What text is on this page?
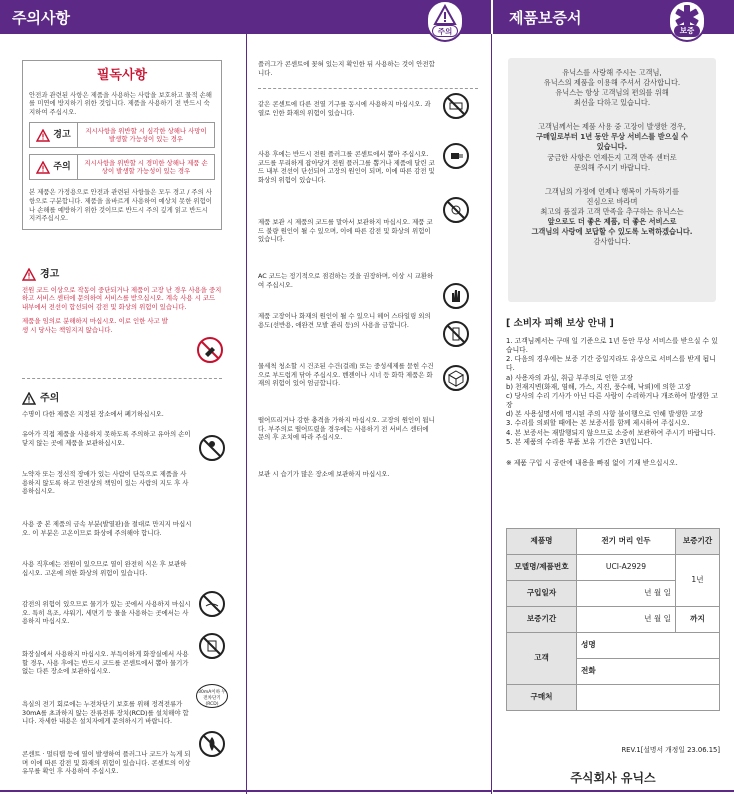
주의사항	제품보증서
주의	보증
필독사항
안전과 관련된 사항은 제품을 사용하는 사람을 보호하고 물적 손해를 미연에 방지하기 위한 것입니다. 제품을 사용하기 전 반드시 숙지하여 주십시오.
경고	지시사항을 위반할 시 심각한 상해나 사망이 발생할 가능성이 있는 경우
주의	지시사항을 위반할 시 경미한 상해나 제품 손상이 발생할 가능성이 있는 경우
본 제품은 가정용으로 안전과 관련된 사항들은 모두 경고 / 주의 사항으로 구분합니다. 제품을 올바르게 사용하여 예상치 못한 위험이나 손해를 예방하기 위한 것이므로 반드시 주의 깊게 읽고 반드시 지켜주십시오.
경고
전원 코드 이상으로 작동이 중단되거나 제품이 고장 난 경우 사용을 중지하고 서비스 센터에 문의하여 서비스를 받으십시오. 계속 사용 시 코드 내부에서 전선이 합선되어 감전 및 화상의 위험이 있습니다.
제품을 임의로 분해하지 마십시오. 이로 인한 사고 발생 시 당사는 책임지지 않습니다.
주의
수명이 다한 제품은 지정된 장소에서 폐기하십시오.
유아가 직접 제품을 사용하지 못하도록 주의하고 유아의 손이 닿지 않는 곳에 제품을 보관하십시오.
노약자 또는 정신적 장애가 있는 사람이 단독으로 제품을 사용하지 않도록 하고 안전상의 책임이 있는 사람의 지도 후 사용하십시오.
사용 중 본 제품의 금속 부분(발열판)을 절대로 만지지 마십시오. 이 부분은 고온이므로 화상에 주의해야 합니다.
사용 직후에는 전원이 있으므로 열이 완전히 식은 후 보관하십시오. 고온에 의한 화상의 위험이 있습니다.
감전의 위험이 있으므로 물기가 있는 곳에서 사용하지 마십시오. 특히 욕조, 샤워기, 세면기 등 물을 사용하는 곳에서는 사용하지 마십시오.
화장실에서 사용하지 마십시오. 부득이하게 화장실에서 사용할 경우, 사용 후에는 반드시 코드를 콘센트에서 뽑아 물기가 없는 다른 장소에 보관하십시오.
욕실의 전기 회로에는 누전차단기 보호를 위해 정격전류가 30mA를 초과하지 않는 잔류전류 장치(RCD)를 설치해야 합니다. 자세한 내용은 설치자에게 문의하시기 바랍니다.
콘센트 · 멀티탭 등에 열이 발생하여 플러그나 코드가 녹게 되며 이에 따른 감전 및 화재의 위험이 있습니다. 콘센트의 이상 유무를 확인 후 사용하여 주십시오.
30mA이하 누전차단기(RCD)
플러그가 콘센트에 꽂혀 있는지 확인한 뒤 사용하는 것이 안전합니다.
같은 콘센트에 다른 전열 기구를 동시에 사용하지 마십시오. 과열로 인한 화재의 위험이 있습니다.
사용 후에는 반드시 전원 플러그를 콘센트에서 뽑아 주십시오. 코드를 무리하게 잡아당겨 전원 플러그를 뽑거나 제품에 달린 코드 내부 전선이 단선되어 고장의 원인이 되며, 이에 따른 감전 및 화상의 위험이 있습니다.
제품 보관 시 제품의 코드를 말아서 보관하지 마십시오. 제품 코드 불량 원인이 될 수 있으며, 이에 따른 감전 및 화상의 위험이 있습니다.
AC 코드는 정기적으로 점검하는 것을 권장하며, 이상 시 교환하여 주십시오.
제품 고장이나 화재의 원인이 될 수 있으니 헤어 스타일링 외의 용도(선반용, 애완견 모발 관리 등)의 사용을 금합니다.
물세척 청소할 시 건조된 수건(걸레) 또는 중성세제를 묻힌 수건으로 부드럽게 닦아 주십시오. 벤젠이나 시너 등 화학 제품은 화재의 위험이 있어 엄금합니다.
떨어뜨리거나 강한 충격을 가하지 마십시오. 고장의 원인이 됩니다. 부주의로 떨어뜨렸을 경우에는 사용하기 전 서비스 센터에 문의 후 조치에 따라 주십시오.
보관 시 습기가 많은 장소에 보관하지 마십시오.
유닉스를 사랑해 주시는 고객님,
유닉스의 제품을 이용해 주셔서 감사합니다.
유닉스는 항상 고객님의 편의를 위해
최선을 다하고 있습니다.
고객님께서는 제품 사용 중 고장이 발생한 경우,
구매일로부터 1년 동안 무상 서비스를 받으실 수
있습니다.
궁금한 사항은 언제든지 고객 만족 센터로
문의해 주시기 바랍니다.
그객님의 가정에 언제나 행복이 가득하기를
진심으로 바라며
최고의 품질과 고객 만족을 추구하는 유닉스는
앞으로도 더 좋은 제품, 더 좋은 서비스로
그객님의 사랑에 보답할 수 있도록 노력하겠습니다.
감사합니다.
[ 소비자 피해 보상 안내 ]
1. 고객님께서는 구매 일 기준으로 1년 동안 무상 서비스를 받으실 수 있습니다.
2. 다음의 경우에는 보증 기간 중일지라도 유상으로 서비스를 받게 됩니다.
a) 사용자의 과실, 취급 부주의로 인한 고장
b) 천재지변(화재, 염해, 가스, 지진, 풍수해, 낙뢰)에 의한 고장
c) 당사의 수리 기사가 아닌 다른 사람이 수리하거나 개조하여 발생한 고장
d) 본 사용설명서에 명시된 주의 사항 불이행으로 인해 발생한 고장
3. 수리를 의뢰할 때에는 본 보증서를 함께 제시하여 주십시오.
4. 본 보증서는 재발행되지 않으므로 소중히 보관하여 주시기 바랍니다.
5. 본 제품의 수리용 부품 보유 기간은 3년입니다.
※ 제품 구입 시 공란에 내용을 빠짐 없이 기재 받으십시오.
제품명	전기 머리 인두	보증기간
모델명/제품번호	UCI-A2929	1년
구입일자	년 월 일	
보증기간	년 월 일	까지
고객	성명	
	전화	
구매처		
REV.1[설명서 개정일 23.06.15]
주식회사 유닉스
